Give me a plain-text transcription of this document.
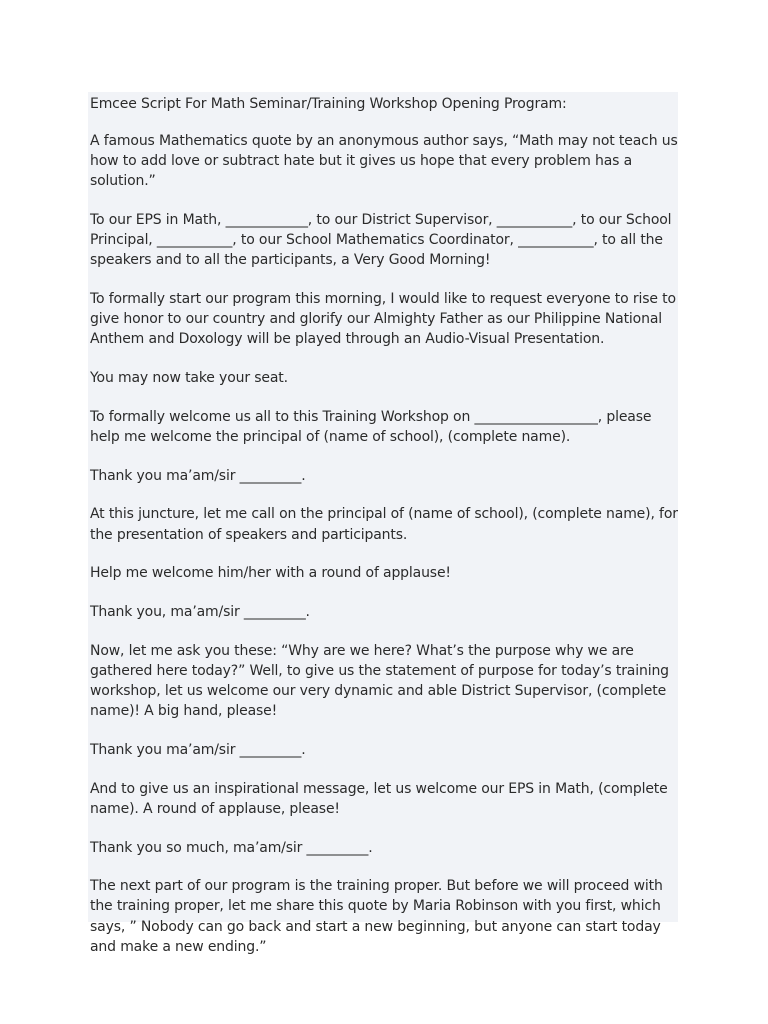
Emcee Script For Math Seminar/Training Workshop Opening Program:

A famous Mathematics quote by an anonymous author says, “Math may not teach us how to add love or subtract hate but it gives us hope that every problem has a solution.”

To our EPS in Math, ____________, to our District Supervisor, ___________, to our School Principal, ___________, to our School Mathematics Coordinator, ___________, to all the speakers and to all the participants, a Very Good Morning!

To formally start our program this morning, I would like to request everyone to rise to give honor to our country and glorify our Almighty Father as our Philippine National Anthem and Doxology will be played through an Audio-Visual Presentation.

You may now take your seat.

To formally welcome us all to this Training Workshop on __________________, please help me welcome the principal of (name of school), (complete name).

Thank you ma’am/sir _________.

At this juncture, let me call on the principal of (name of school), (complete name), for the presentation of speakers and participants.

Help me welcome him/her with a round of applause!

Thank you, ma’am/sir _________.

Now, let me ask you these: “Why are we here? What’s the purpose why we are gathered here today?” Well, to give us the statement of purpose for today’s training workshop, let us welcome our very dynamic and able District Supervisor, (complete name)! A big hand, please!

Thank you ma’am/sir _________.

And to give us an inspirational message, let us welcome our EPS in Math, (complete name). A round of applause, please!

Thank you so much, ma’am/sir _________.

The next part of our program is the training proper. But before we will proceed with the training proper, let me share this quote by Maria Robinson with you first, which says, ” Nobody can go back and start a new beginning, but anyone can start today and make a new ending.”
